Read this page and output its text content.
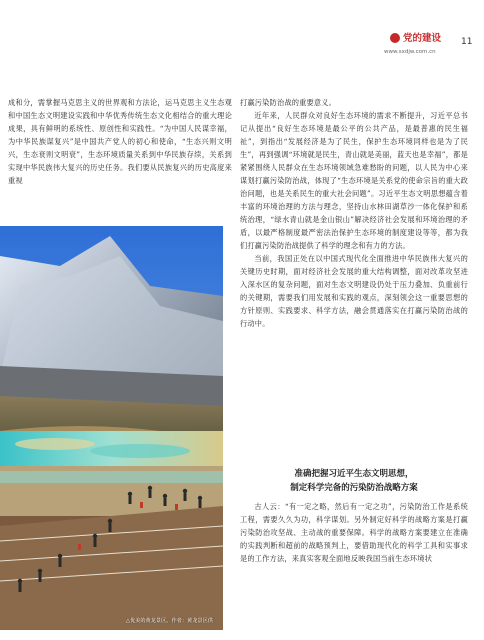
党的建设
www.sxdjw.com.cn
11

成和分，需掌握马克思主义的世界观和方法论，运马克思主义生态观和中国生态文明建设实践和中华优秀传统生态文化相结合的重大理论成果，具有鲜明的系统性、原创性和实践性。“为中国人民谋幸福，为中华民族谋复兴”是中国共产党人的初心和使命，“生态兴则文明兴，生态衰则文明衰”，生态环境质量关系到中华民族存续，关系到实现中华民族伟大复兴的历史任务。我们要从民族复兴的历史高度来重视

△优美的黄龙景区。作者：黄龙景区供

打赢污染防治战的重要意义。

近年来，人民群众对良好生态环境的需求不断提升，习近平总书记从提出“良好生态环境是最公平的公共产品，是最普惠的民生福祉”，到指出“发展经济是为了民生，保护生态环境同样也是为了民生”，再到强调“环境就是民生，青山就是美丽，蓝天也是幸福”，都是紧紧围绕人民群众在生态环境领域急难愁盼的问题，以人民为中心来谋划打赢污染防治战，体现了“生态环境是关系党的使命宗旨的重大政治问题，也是关系民生的重大社会问题”。习近平生态文明思想蕴含着丰富的环境治理的方法与理念，坚持山水林田湖草沙一体化保护和系统治理，“绿水青山就是金山银山”解决经济社会发展和环境治理的矛盾，以最严格制度最严密法治保护生态环境的制度建设等等，都为我们打赢污染防治战提供了科学的理念和有力的方法。

当前，我国正处在以中国式现代化全面推进中华民族伟大复兴的关键历史时期，面对经济社会发展的重大结构调整，面对改革攻坚进入深水区的复杂问题，面对生态文明建设仍处于压力叠加、负重前行的关键期，需要我们用发展和实践的观点，深刻领会这一重要思想的方针原则、实践要求、科学方法，融会贯通落实在打赢污染防治战的行动中。

准确把握习近平生态文明思想，
制定科学完备的污染防治战略方案

古人云：“有一定之略，然后有一定之功”，污染防治工作是系统工程，需要久久为功，科学谋划。另外制定好科学的战略方案是打赢污染防治攻坚战、主动战的重要保障。科学的战略方案要建立在准确的实践判断和超前的战略预判上，要借助现代化的科学工具和实事求是的工作方法，来真实客观全面地反映我国当前生态环境状
